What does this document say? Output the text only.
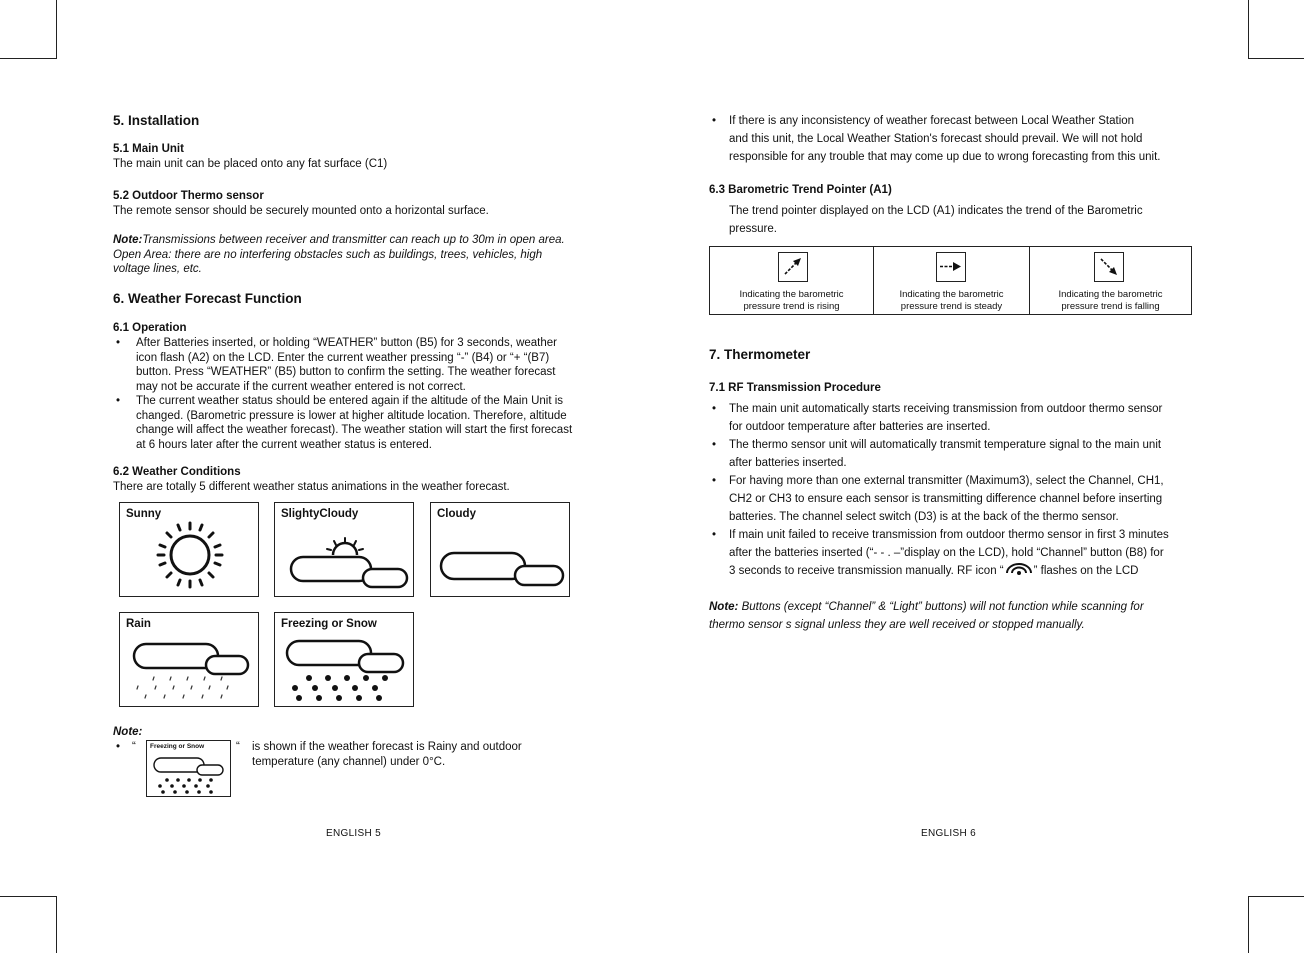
5. Installation
5.1 Main Unit
The main unit can be placed onto any fat surface (C1)
5.2 Outdoor Thermo sensor
The remote sensor should be securely mounted onto a horizontal surface.
Note:Transmissions between receiver and transmitter can reach up to 30m in open area.
Open Area: there are no interfering obstacles such as buildings, trees, vehicles, high
voltage lines, etc.
6. Weather Forecast Function
6.1 Operation
• After Batteries inserted, or holding “WEATHER” button (B5) for 3 seconds, weather
icon flash (A2) on the LCD. Enter the current weather pressing “-” (B4) or “+ “(B7)
button. Press “WEATHER” (B5) button to confirm the setting. The weather forecast
may not be accurate if the current weather entered is not correct.
• The current weather status should be entered again if the altitude of the Main Unit is
changed. (Barometric pressure is lower at higher altitude location. Therefore, altitude
change will affect the weather forecast). The weather station will start the first forecast
at 6 hours later after the current weather status is entered.
6.2 Weather Conditions
There are totally 5 different weather status animations in the weather forecast.
Sunny	SlightyCloudy	Cloudy
Rain	Freezing or Snow
Note:
• “ Freezing or Snow	“ is shown if the weather forecast is Rainy and outdoor
temperature (any channel) under 0°C.
ENGLISH 5
• If there is any inconsistency of weather forecast between Local Weather Station
and this unit, the Local Weather Station's forecast should prevail. We will not hold
responsible for any trouble that may come up due to wrong forecasting from this unit.
6.3 Barometric Trend Pointer (A1)
The trend pointer displayed on the LCD (A1) indicates the trend of the Barometric
pressure.
Indicating the barometric
pressure trend is rising
Indicating the barometric
pressure trend is steady
Indicating the barometric
pressure trend is falling
7. Thermometer
7.1 RF Transmission Procedure
• The main unit automatically starts receiving transmission from outdoor thermo sensor
for outdoor temperature after batteries are inserted.
• The thermo sensor unit will automatically transmit temperature signal to the main unit
after batteries inserted.
• For having more than one external transmitter (Maximum3), select the Channel, CH1,
CH2 or CH3 to ensure each sensor is transmitting difference channel before inserting
batteries. The channel select switch (D3) is at the back of the thermo sensor.
• If main unit failed to receive transmission from outdoor thermo sensor in first 3 minutes
after the batteries inserted (“- - . –”display on the LCD), hold “Channel” button (B8) for
3 seconds to receive transmission manually. RF icon “	” flashes on the LCD
Note: Buttons (except “Channel” & “Light” buttons) will not function while scanning for
thermo sensor s signal unless they are well received or stopped manually.
ENGLISH 6
